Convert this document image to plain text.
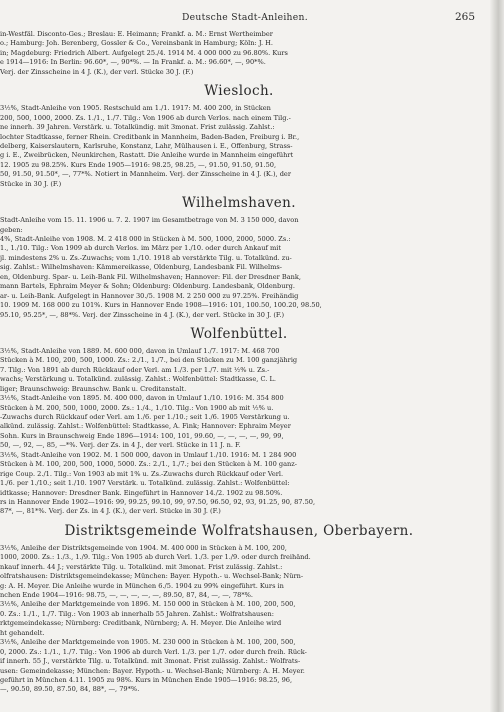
Deutsche Stadt-Anleihen.	265
in-Westfäl. Disconto-Ges.; Breslau: E. Heimann; Frankf. a. M.: Ernst Wertheimber
o.; Hamburg: Joh. Berenberg, Gossler & Co., Vereinsbank in Hamburg; Köln: J. H.
in; Magdeburg: Friedrich Albert. Aufgelegt 25./4. 1914 M. 4 000 000 zu 96.80%. Kurs
e 1914—1916: In Berlin: 96.60*, —, 90*%. — In Frankf. a. M.: 96.60*, —, 90*%.
Verj. der Zinsscheine in 4 J. (K.), der verl. Stücke 30 J. (F.)
Wiesloch.
3½%, Stadt-Anleihe von 1905. Restschuld am 1./1. 1917: M. 400 200, in Stücken
200, 500, 1000, 2000. Zs. 1./1., 1./7. Tilg.: Von 1906 ab durch Verlos. nach einem Tilg.-
ne innerh. 39 Jahren. Verstärk. u. Totalkündig. mit 3monat. Frist zulässig. Zahlst.:
lochter Stadtkasse, ferner Rhein. Creditbank in Mannheim, Baden-Baden, Freiburg i. Br.,
delberg, Kaiserslautern, Karlsruhe, Konstanz, Lahr, Mülhausen i. E., Offenburg, Strass-
g i. E., Zweibrücken, Neunkirchen, Rastatt. Die Anleihe wurde in Mannheim eingeführt
12. 1905 zu 98.25%. Kurs Ende 1905—1916: 98.25, 98.25, —, 91.50, 91.50, 91.50,
50, 91.50, 91.50*, —, 77*%. Notiert in Mannheim. Verj. der Zinsscheine in 4 J. (K.), der
Stücke in 30 J. (F.)
Wilhelmshaven.
Stadt-Anleihe vom 15. 11. 1906 u. 7. 2. 1907 im Gesamtbetrage von M. 3 150 000, davon
geben:
4%, Stadt-Anleihe von 1908. M. 2 418 000 in Stücken à M. 500, 1000, 2000, 5000. Zs.:
1., 1./10. Tilg.: Von 1909 ab durch Verlos. im März per 1./10. oder durch Ankauf mit
jl. mindestens 2% u. Zs.-Zuwachs; vom 1./10. 1918 ab verstärkte Tilg. u. Totalkünd. zu-
sig. Zahlst.: Wilhelmshaven: Kämmereikasse, Oldenburg, Landesbank Fil. Wilhelms-
en, Oldenburg. Spar- u. Leih-Bank Fil. Wilhelmshaven; Hannover: Fil. der Dresdner Bank,
mann Bartels, Ephraim Meyer & Sohn; Oldenburg: Oldenburg. Landesbank, Oldenburg.
ar- u. Leih-Bank. Aufgelegt in Hannover 30./5. 1908 M. 2 250 000 zu 97.25%. Freihändig
10. 1909 M. 168 000 zu 101%. Kurs in Hannover Ende 1908—1916: 101, 100.50, 100.20, 98.50,
95.10, 95.25*, —, 88*%. Verj. der Zinsscheine in 4 J. (K.), der verl. Stücke in 30 J. (F.)
Wolfenbüttel.
3½%, Stadt-Anleihe von 1889. M. 600 000, davon in Umlauf 1./7. 1917: M. 468 700
Stücken à M. 100, 200, 500, 1000. Zs.: 2./1., 1./7., bei den Stücken zu M. 100 ganzjährig
7. Tilg.: Von 1891 ab durch Rückkauf oder Verl. am 1./3. per 1./7. mit ½% u. Zs.-
wachs; Verstärkung u. Totalkünd. zulässig. Zahlst.: Wolfenbüttel: Stadtkasse, C. L.
liger; Braunschweig: Braunschw. Bank u. Creditanstalt.
3½%, Stadt-Anleihe von 1895. M. 400 000, davon in Umlauf 1./10. 1916: M. 354 800
Stücken à M. 200, 500, 1000, 2000. Zs.: 1./4., 1./10. Tilg.: Von 1900 ab mit ½% u.
-Zuwachs durch Rückkauf oder Verl. am 1./6. per 1./10.; seit 1./6. 1905 Verstärkung u.
alkünd. zulässig. Zahlst.: Wolfenbüttel: Stadtkasse, A. Fink; Hannover: Ephraim Meyer
Sohn. Kurs in Braunschweig Ende 1896—1914: 100, 101, 99.60, —, —, —, —, 99, 99,
50, —, 92, —, 85, —*%. Verj. der Zs. in 4 J., der verl. Stücke in 11 J. n. F.
3½%, Stadt-Anleihe von 1902. M. 1 500 000, davon in Umlauf 1./10. 1916: M. 1 284 900
Stücken à M. 100, 200, 500, 1000, 5000. Zs.: 2./1., 1./7.; bei den Stücken à M. 100 ganz-
rige Coup. 2./1. Tilg.: Von 1903 ab mit 1% u. Zs.-Zuwachs durch Rückkauf oder Verl.
1./6. per 1./10.; seit 1./10. 1907 Verstärk. u. Totalkünd. zulässig. Zahlst.: Wolfenbüttel:
idtkasse; Hannover: Dresdner Bank. Eingeführt in Hannover 14./2. 1902 zu 98.50%.
rs in Hannover Ende 1902—1916: 99, 99.25, 99.10, 99, 97.50, 96.50, 92, 93, 91.25, 90, 87.50,
87*, —, 81*%. Verj. der Zs. in 4 J. (K.), der verl. Stücke in 30 J. (F.)
Distriktsgemeinde Wolfratshausen, Oberbayern.
3½%, Anleihe der Distriktsgemeinde von 1904. M. 400 000 in Stücken à M. 100, 200,
1000, 2000. Zs.: 1./3., 1./9. Tilg.: Von 1905 ab durch Verl. 1./3. per 1./9. oder durch freihänd.
nkauf innerh. 44 J.; verstärkte Tilg. u. Totalkünd. mit 3monat. Frist zulässig. Zahlst.:
olfratshausen: Distriktsgemeindekasse; München: Bayer. Hypoth.- u. Wechsel-Bank; Nürn-
g: A. H. Meyer. Die Anleihe wurde in München 6./5. 1904 zu 99% eingeführt. Kurs in
nchen Ende 1904—1916: 98.75, —, —, —, —, —, 89.50, 87, 84, —, —, 78*%.
3½%, Anleihe der Marktgemeinde von 1896. M. 150 000 in Stücken à M. 100, 200, 500,
0. Zs.: 1./1., 1./7. Tilg.: Von 1903 ab innerhalb 55 Jahren. Zahlst.: Wolfratshausen:
rktgemeindekasse; Nürnberg: Creditbank, Nürnberg; A. H. Meyer. Die Anleihe wird
ht gehandelt.
3½%, Anleihe der Marktgemeinde von 1905. M. 230 000 in Stücken à M. 100, 200, 500,
0, 2000. Zs.: 1./1., 1./7. Tilg.: Von 1906 ab durch Verl. 1./3. per 1./7. oder durch freih. Rück-
if innerh. 55 J., verstärkte Tilg. u. Totalkünd. mit 3monat. Frist zulässig. Zahlst.: Wolfrats-
usen: Gemeindekasse; München: Bayer. Hypoth.- u. Wechsel-Bank; Nürnberg: A. H. Meyer.
geführt in München 4.11. 1905 zu 98%. Kurs in München Ende 1905—1916: 98.25, 96,
—, 90.50, 89.50, 87.50, 84, 88*, —, 79*%.
